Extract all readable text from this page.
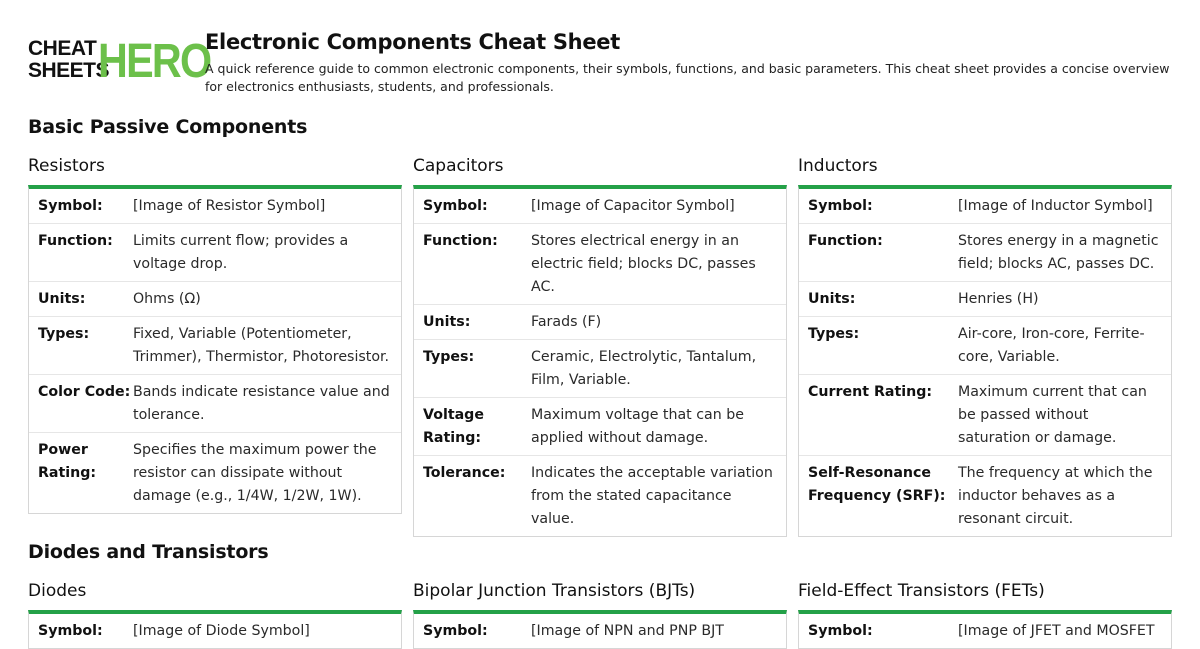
CHEAT
SHEETS
HERO
Electronic Components Cheat Sheet

A quick reference guide to common electronic components, their symbols, functions, and basic parameters. This cheat sheet provides a concise overview for electronics enthusiasts, students, and professionals.

Basic Passive Components
Resistors
Symbol:	[Image of Resistor Symbol]
Function:	Limits current flow; provides a voltage drop.
Units:	Ohms (Ω)
Types:	Fixed, Variable (Potentiometer, Trimmer), Thermistor, Photoresistor.
Color Code: Bands indicate resistance value and tolerance.
Power Rating:
Specifies the maximum power the resistor can dissipate without damage (e.g., 1/4W, 1/2W, 1W).
Capacitors
Symbol:	[Image of Capacitor Symbol]
Function:	Stores electrical energy in an electric field; blocks DC, passes AC.
Units:	Farads (F)
Types:	Ceramic, Electrolytic, Tantalum, Film, Variable.
Voltage Rating:
Maximum voltage that can be applied without damage.
Tolerance:	Indicates the acceptable variation from the stated capacitance value.
Inductors
Symbol:	[Image of Inductor Symbol]
Function:	Stores energy in a magnetic field; blocks AC, passes DC.
Units:	Henries (H)
Types:	Air-core, Iron-core, Ferrite-core, Variable.
Current Rating:	Maximum current that can be passed without saturation or damage.
Self-Resonance Frequency (SRF):
The frequency at which the inductor behaves as a resonant circuit.
Diodes and Transistors
Diodes
Symbol:	[Image of Diode Symbol]
Bipolar Junction Transistors (BJTs)
Symbol:	[Image of NPN and PNP BJT
Field-Effect Transistors (FETs)
Symbol:	[Image of JFET and MOSFET
